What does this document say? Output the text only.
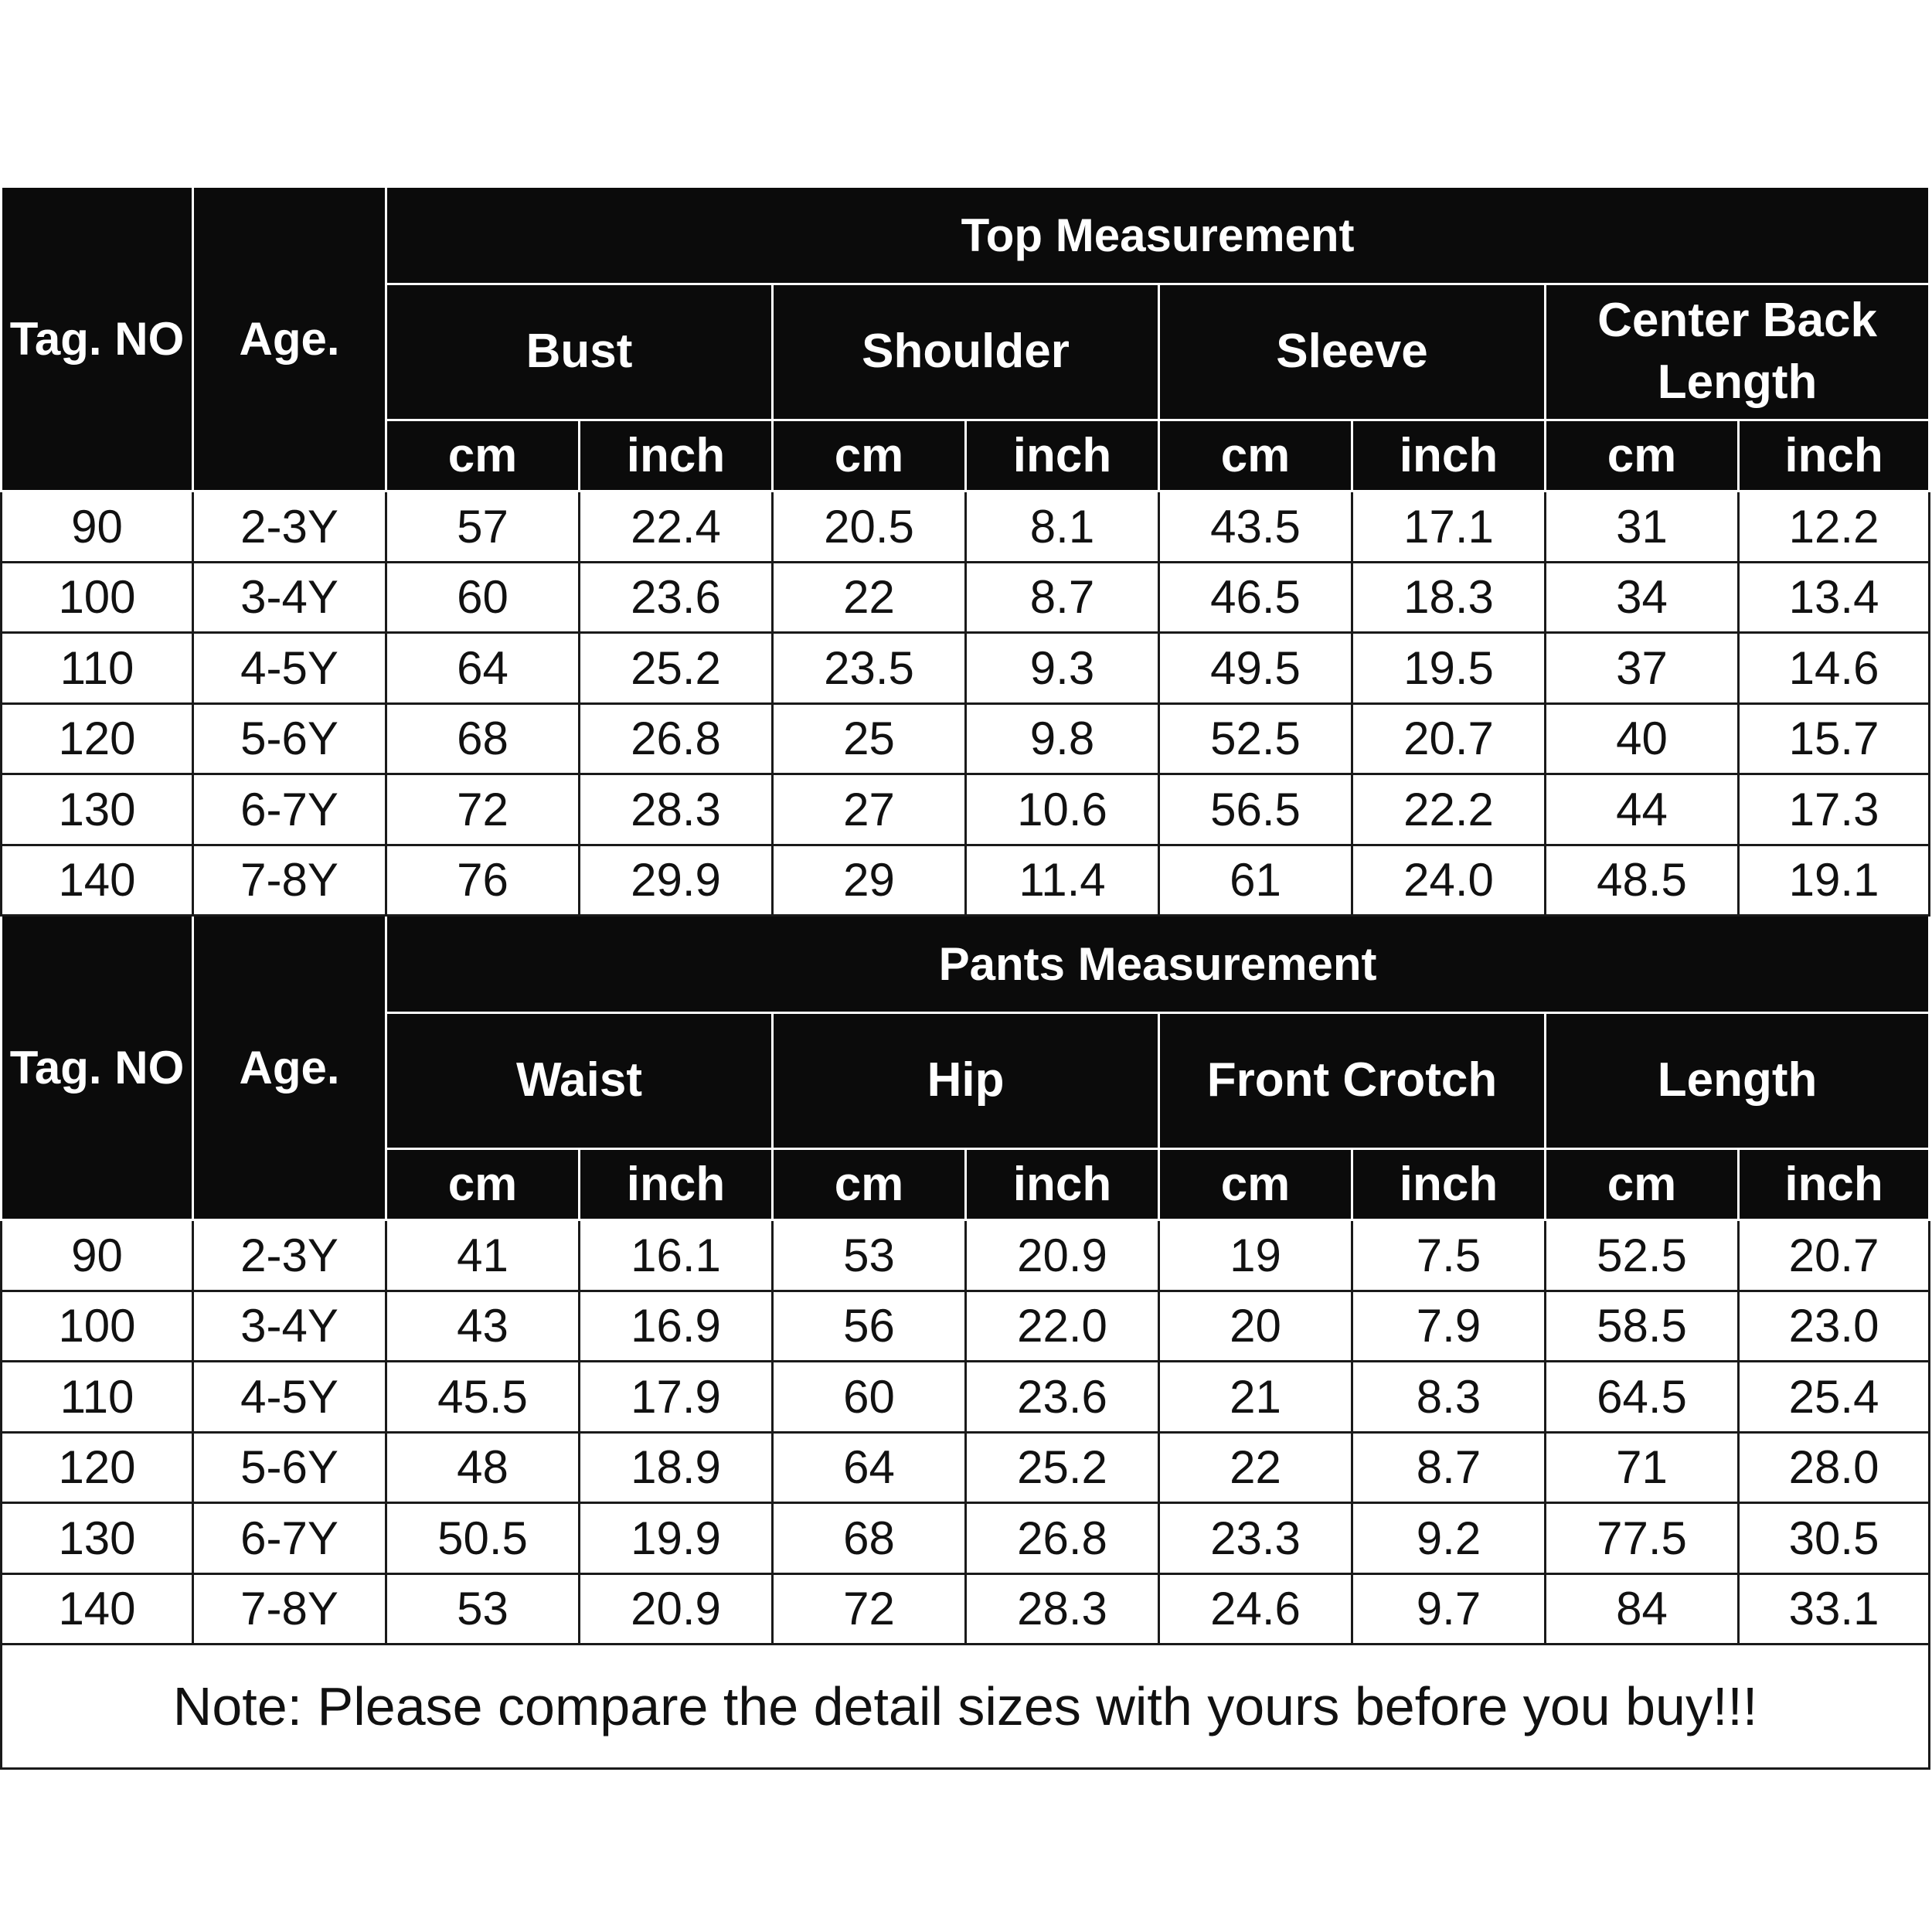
Tag. NO	Age.	Top Measurement							
		Bust		Shoulder		Sleeve		Center Back Length	
		cm	inch	cm	inch	cm	inch	cm	inch
90	2-3Y	57	22.4	20.5	8.1	43.5	17.1	31	12.2
100	3-4Y	60	23.6	22	8.7	46.5	18.3	34	13.4
110	4-5Y	64	25.2	23.5	9.3	49.5	19.5	37	14.6
120	5-6Y	68	26.8	25	9.8	52.5	20.7	40	15.7
130	6-7Y	72	28.3	27	10.6	56.5	22.2	44	17.3
140	7-8Y	76	29.9	29	11.4	61	24.0	48.5	19.1
Tag. NO	Age.	Pants Measurement							
		Waist		Hip		Front Crotch		Length	
		cm	inch	cm	inch	cm	inch	cm	inch
90	2-3Y	41	16.1	53	20.9	19	7.5	52.5	20.7
100	3-4Y	43	16.9	56	22.0	20	7.9	58.5	23.0
110	4-5Y	45.5	17.9	60	23.6	21	8.3	64.5	25.4
120	5-6Y	48	18.9	64	25.2	22	8.7	71	28.0
130	6-7Y	50.5	19.9	68	26.8	23.3	9.2	77.5	30.5
140	7-8Y	53	20.9	72	28.3	24.6	9.7	84	33.1
Note: Please compare the detail sizes with yours before you buy!!!									
